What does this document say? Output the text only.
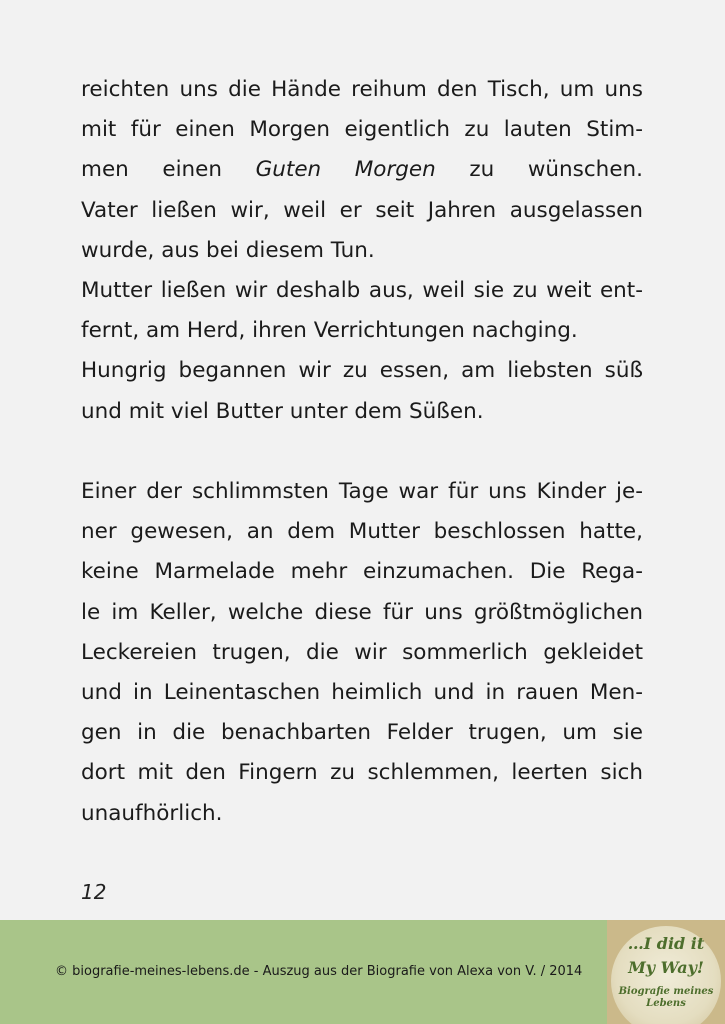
reichten uns die Hände reihum den Tisch, um uns
mit für einen Morgen eigentlich zu lauten Stim-
men einen Guten Morgen zu wünschen.
Vater ließen wir, weil er seit Jahren ausgelassen
wurde, aus bei diesem Tun.
Mutter ließen wir deshalb aus, weil sie zu weit ent-
fernt, am Herd, ihren Verrichtungen nachging.
Hungrig begannen wir zu essen, am liebsten süß
und mit viel Butter unter dem Süßen.
Einer der schlimmsten Tage war für uns Kinder je-
ner gewesen, an dem Mutter beschlossen hatte,
keine Marmelade mehr einzumachen. Die Rega-
le im Keller, welche diese für uns größtmöglichen
Leckereien trugen, die wir sommerlich gekleidet
und in Leinentaschen heimlich und in rauen Men-
gen in die benachbarten Felder trugen, um sie
dort mit den Fingern zu schlemmen, leerten sich
unaufhörlich.
12
© biografie-meines-lebens.de - Auszug aus der Biografie von Alexa von V. / 2014
…I did it
My Way!
Biografie meines
Lebens
